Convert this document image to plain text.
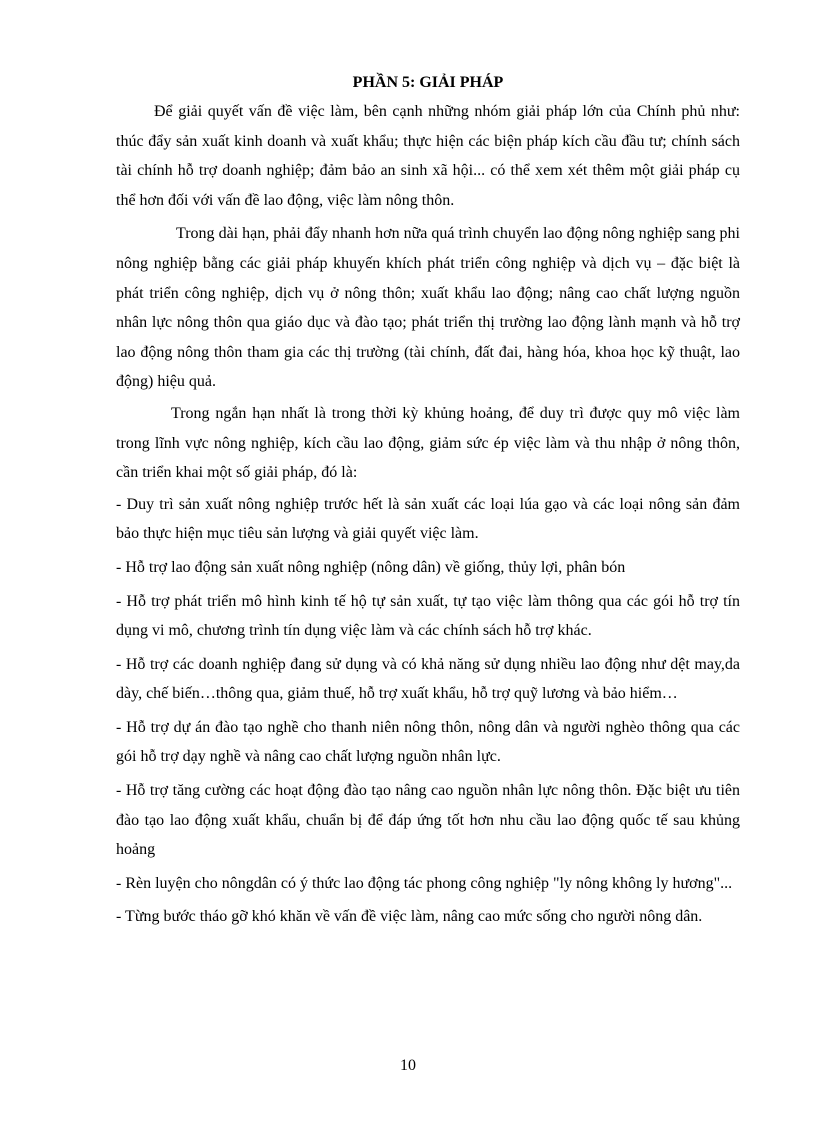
PHẦN 5: GIẢI PHÁP

Để giải quyết vấn đề việc làm, bên cạnh những nhóm giải pháp lớn của Chính phủ như: thúc đẩy sản xuất kinh doanh và xuất khẩu; thực hiện các biện pháp kích cầu đầu tư; chính sách tài chính hỗ trợ doanh nghiệp; đảm bảo an sinh xã hội... có thể xem xét thêm một giải pháp cụ thể hơn đối với vấn đề lao động, việc làm nông thôn.

Trong dài hạn, phải đẩy nhanh hơn nữa quá trình chuyển lao động nông nghiệp sang phi nông nghiệp bằng các giải pháp khuyến khích phát triển công nghiệp và dịch vụ – đặc biệt là phát triển công nghiệp, dịch vụ ở nông thôn; xuất khẩu lao động; nâng cao chất lượng nguồn nhân lực nông thôn qua giáo dục và đào tạo; phát triển thị trường lao động lành mạnh và hỗ trợ lao động nông thôn tham gia các thị trường (tài chính, đất đai, hàng hóa, khoa học kỹ thuật, lao động) hiệu quả.

Trong ngắn hạn nhất là trong thời kỳ khủng hoảng, để duy trì được quy mô việc làm trong lĩnh vực nông nghiệp, kích cầu lao động, giảm sức ép việc làm và thu nhập ở nông thôn, cần triển khai một số giải pháp, đó là:

- Duy trì sản xuất nông nghiệp trước hết là sản xuất các loại lúa gạo và các loại nông sản đảm bảo thực hiện mục tiêu sản lượng và giải quyết việc làm.

- Hỗ trợ lao động sản xuất nông nghiệp (nông dân) về giống, thủy lợi, phân bón

- Hỗ trợ phát triển mô hình kinh tế hộ tự sản xuất, tự tạo việc làm thông qua các gói hỗ trợ tín dụng vi mô, chương trình tín dụng việc làm và các chính sách hỗ trợ khác.

- Hỗ trợ các doanh nghiệp đang sử dụng và có khả năng sử dụng nhiều lao động như dệt may,da dày, chế biến…thông qua, giảm thuế, hỗ trợ xuất khẩu, hỗ trợ quỹ lương và bảo hiểm…

- Hỗ trợ dự án đào tạo nghề cho thanh niên nông thôn, nông dân và người nghèo thông qua các gói hỗ trợ dạy nghề và nâng cao chất lượng nguồn nhân lực.

- Hỗ trợ tăng cường các hoạt động đào tạo nâng cao nguồn nhân lực nông thôn. Đặc biệt ưu tiên đào tạo lao động xuất khẩu, chuẩn bị để đáp ứng tốt hơn nhu cầu lao động quốc tế sau khủng hoảng

- Rèn luyện cho nôngdân có ý thức lao động tác phong công nghiệp "ly nông không ly hương"...

- Từng bước tháo gỡ khó khăn về vấn đề việc làm, nâng cao mức sống cho người nông dân.

10
